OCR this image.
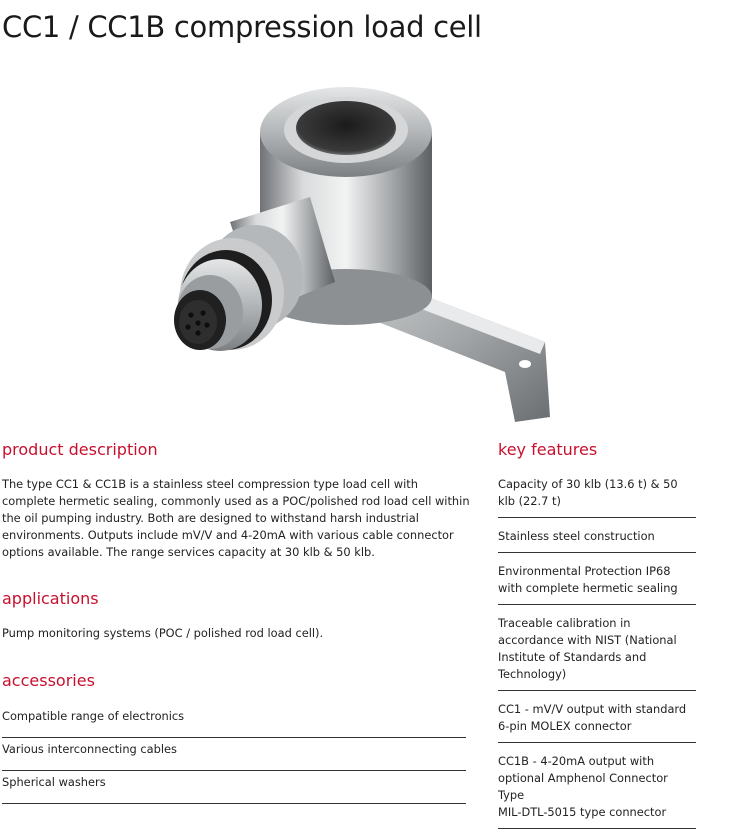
CC1 / CC1B compression load cell
product description

The type CC1 & CC1B is a stainless steel compression type load cell with complete hermetic sealing, commonly used as a POC/polished rod load cell within the oil pumping industry. Both are designed to withstand harsh industrial environments. Outputs include mV/V and 4-20mA with various cable connector options available. The range services capacity at 30 klb & 50 klb.

applications

Pump monitoring systems (POC / polished rod load cell).

accessories
Compatible range of electronics
Various interconnecting cables
Spherical washers
key features
Capacity of 30 klb (13.6 t) & 50 klb (22.7 t)
Stainless steel construction
Environmental Protection IP68 with complete hermetic sealing
Traceable calibration in accordance with NIST (National Institute of Standards and Technology)
CC1 - mV/V output with standard 6-pin MOLEX connector
CC1B - 4-20mA output with optional Amphenol Connector Type
MIL-DTL-5015 type connector
